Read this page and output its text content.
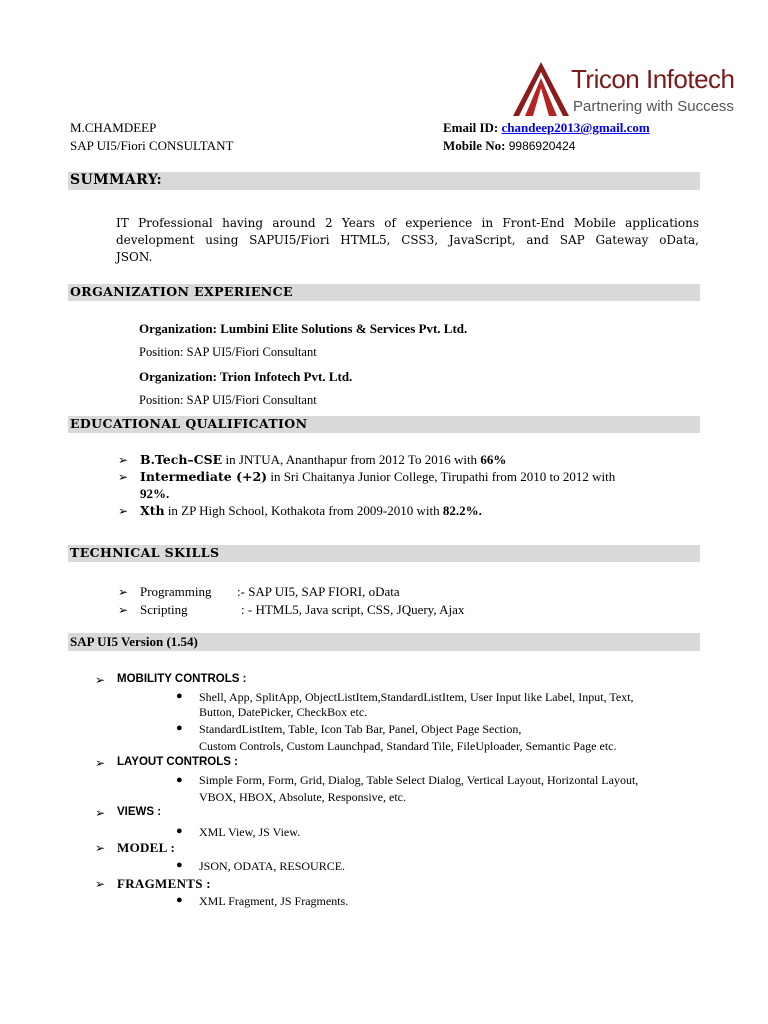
Tricon Infotech
Partnering with Success
M.CHAMDEEP
SAP UI5/Fiori CONSULTANT
Email ID: chandeep2013@gmail.com
Mobile No: 9986920424
SUMMARY:
IT Professional having around 2 Years of experience in Front-End Mobile applications
development using SAPUI5/Fiori HTML5, CSS3, JavaScript, and SAP Gateway oData,
JSON.
ORGANIZATION EXPERIENCE
Organization: Lumbini Elite Solutions & Services Pvt. Ltd.
Position: SAP UI5/Fiori Consultant
Organization: Trion Infotech Pvt. Ltd.
Position: SAP UI5/Fiori Consultant
EDUCATIONAL QUALIFICATION
➢ B.Tech–CSE in JNTUA, Ananthapur from 2012 To 2016 with 66%
➢ Intermediate (+2) in Sri Chaitanya Junior College, Tirupathi from 2010 to 2012 with
92%.
➢ Xth in ZP High School, Kothakota from 2009-2010 with 82.2%.
TECHNICAL SKILLS
➢ Programming :- SAP UI5, SAP FIORI, oData
➢ Scripting	: - HTML5, Java script, CSS, JQuery, Ajax
SAP UI5 Version (1.54)
➢ MOBILITY CONTROLS :
● Shell, App, SplitApp, ObjectListItem,StandardListItem, User Input like Label, Input, Text,
Button, DatePicker, CheckBox etc.
● StandardListItem, Table, Icon Tab Bar, Panel, Object Page Section,
Custom Controls, Custom Launchpad, Standard Tile, FileUploader, Semantic Page etc.
➢ LAYOUT CONTROLS :
● Simple Form, Form, Grid, Dialog, Table Select Dialog, Vertical Layout, Horizontal Layout,
VBOX, HBOX, Absolute, Responsive, etc.
➢ VIEWS :
● XML View, JS View.
➢ MODEL :
● JSON, ODATA, RESOURCE.
➢ FRAGMENTS :
● XML Fragment, JS Fragments.
